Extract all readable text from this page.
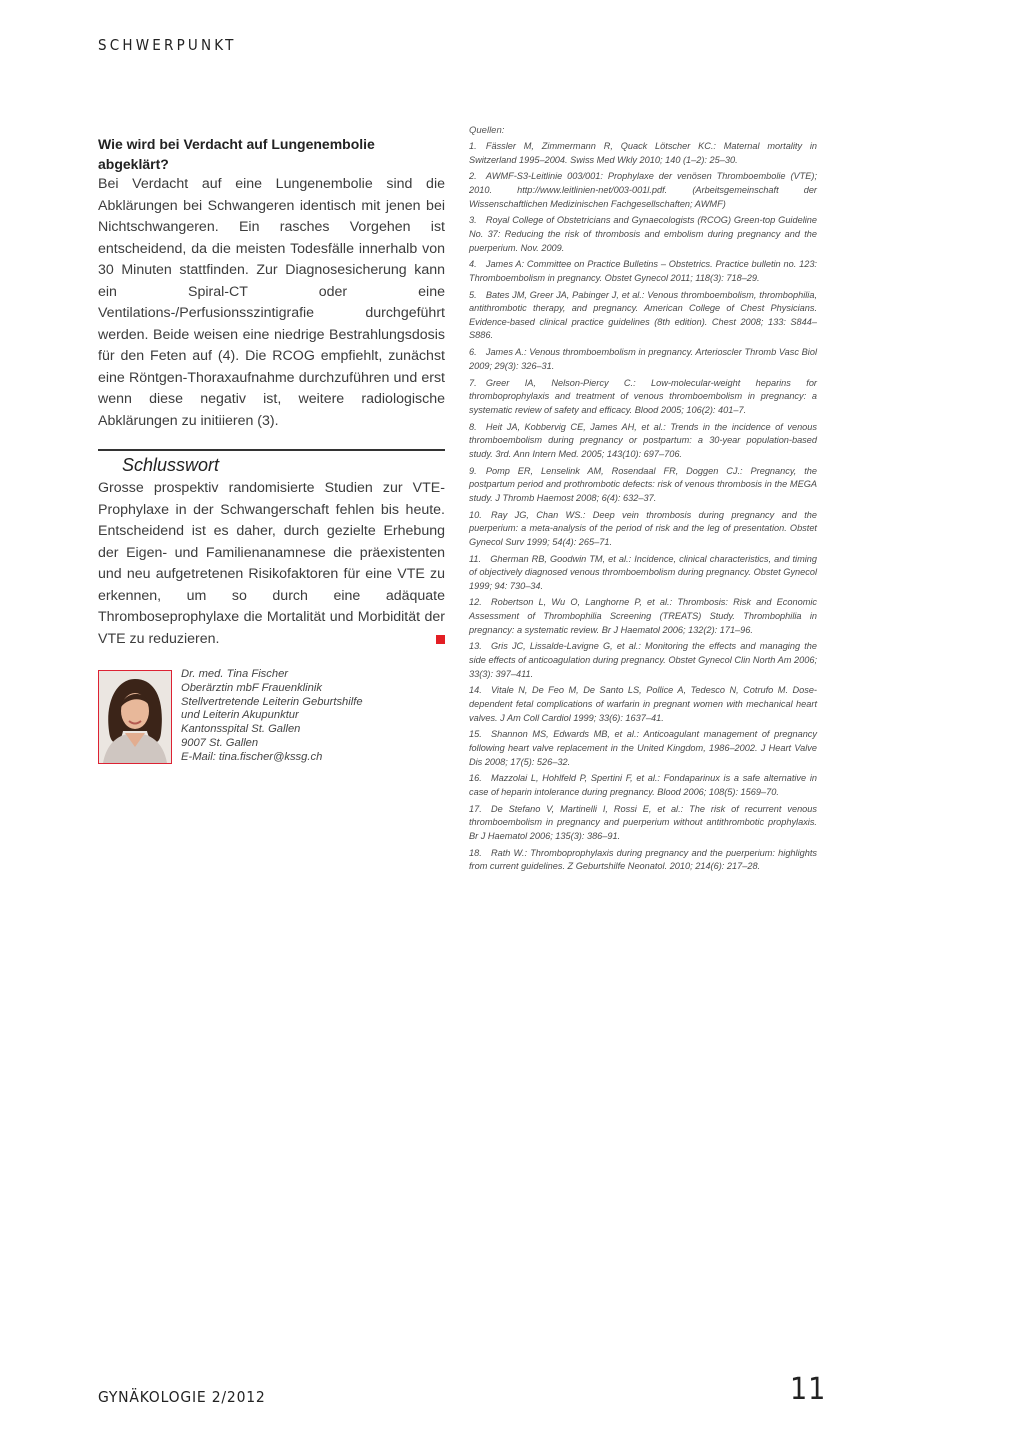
SCHWERPUNKT

Wie wird bei Verdacht auf Lungenembolie abgeklärt?

Bei Verdacht auf eine Lungenembolie sind die Abklärungen bei Schwangeren identisch mit jenen bei Nichtschwangeren. Ein rasches Vorgehen ist entscheidend, da die meisten Todesfälle innerhalb von 30 Minuten stattfinden. Zur Diagnosesicherung kann ein Spiral-CT oder eine Ventilations-/Perfusionsszintigrafie durchgeführt werden. Beide weisen eine niedrige Bestrahlungsdosis für den Feten auf (4). Die RCOG empfiehlt, zunächst eine Röntgen-Thoraxaufnahme durchzuführen und erst wenn diese negativ ist, weitere radiologische Abklärungen zu initiieren (3).

Schlusswort

Grosse prospektiv randomisierte Studien zur VTE-Prophylaxe in der Schwangerschaft fehlen bis heute. Entscheidend ist es daher, durch gezielte Erhebung der Eigen- und Familienanamnese die präexistenten und neu aufgetretenen Risikofaktoren für eine VTE zu erkennen, um so durch eine adäquate Thromboseprophylaxe die Mortalität und Morbidität der VTE zu reduzieren.

Dr. med. Tina Fischer
Oberärztin mbF Frauenklinik
Stellvertretende Leiterin Geburtshilfe
und Leiterin Akupunktur
Kantonsspital St. Gallen
9007 St. Gallen
E-Mail: tina.fischer@kssg.ch

Quellen:

1. Fässler M, Zimmermann R, Quack Lötscher KC.: Maternal mortality in Switzerland 1995–2004. Swiss Med Wkly 2010; 140 (1–2): 25–30.

2. AWMF-S3-Leitlinie 003/001: Prophylaxe der venösen Thromboembolie (VTE); 2010. http://www.leitlinien-net/003-001l.pdf. (Arbeitsgemeinschaft der Wissenschaftlichen Medizinischen Fachgesellschaften; AWMF)

3. Royal College of Obstetricians and Gynaecologists (RCOG) Green-top Guideline No. 37: Reducing the risk of thrombosis and embolism during pregnancy and the puerperium. Nov. 2009.

4. James A: Committee on Practice Bulletins – Obstetrics. Practice bulletin no. 123: Thromboembolism in pregnancy. Obstet Gynecol 2011; 118(3): 718–29.

5. Bates JM, Greer JA, Pabinger J, et al.: Venous thromboembolism, thrombophilia, antithrombotic therapy, and pregnancy. American College of Chest Physicians. Evidence-based clinical practice guidelines (8th edition). Chest 2008; 133: S844–S886.

6. James A.: Venous thromboembolism in pregnancy. Arterioscler Thromb Vasc Biol 2009; 29(3): 326–31.

7. Greer IA, Nelson-Piercy C.: Low-molecular-weight heparins for thromboprophylaxis and treatment of venous thromboembolism in pregnancy: a systematic review of safety and efficacy. Blood 2005; 106(2): 401–7.

8. Heit JA, Kobbervig CE, James AH, et al.: Trends in the incidence of venous thromboembolism during pregnancy or postpartum: a 30-year population-based study. 3rd. Ann Intern Med. 2005; 143(10): 697–706.

9. Pomp ER, Lenselink AM, Rosendaal FR, Doggen CJ.: Pregnancy, the postpartum period and prothrombotic defects: risk of venous thrombosis in the MEGA study. J Thromb Haemost 2008; 6(4): 632–37.

10. Ray JG, Chan WS.: Deep vein thrombosis during pregnancy and the puerperium: a meta-analysis of the period of risk and the leg of presentation. Obstet Gynecol Surv 1999; 54(4): 265–71.

11. Gherman RB, Goodwin TM, et al.: Incidence, clinical characteristics, and timing of objectively diagnosed venous thromboembolism during pregnancy. Obstet Gynecol 1999; 94: 730–34.

12. Robertson L, Wu O, Langhorne P, et al.: Thrombosis: Risk and Economic Assessment of Thrombophilia Screening (TREATS) Study. Thrombophilia in pregnancy: a systematic review. Br J Haematol 2006; 132(2): 171–96.

13. Gris JC, Lissalde-Lavigne G, et al.: Monitoring the effects and managing the side effects of anticoagulation during pregnancy. Obstet Gynecol Clin North Am 2006; 33(3): 397–411.

14. Vitale N, De Feo M, De Santo LS, Pollice A, Tedesco N, Cotrufo M. Dose-dependent fetal complications of warfarin in pregnant women with mechanical heart valves. J Am Coll Cardiol 1999; 33(6): 1637–41.

15. Shannon MS, Edwards MB, et al.: Anticoagulant management of pregnancy following heart valve replacement in the United Kingdom, 1986–2002. J Heart Valve Dis 2008; 17(5): 526–32.

16. Mazzolai L, Hohlfeld P, Spertini F, et al.: Fondaparinux is a safe alternative in case of heparin intolerance during pregnancy. Blood 2006; 108(5): 1569–70.

17. De Stefano V, Martinelli I, Rossi E, et al.: The risk of recurrent venous thromboembolism in pregnancy and puerperium without antithrombotic prophylaxis. Br J Haematol 2006; 135(3): 386–91.

18. Rath W.: Thromboprophylaxis during pregnancy and the puerperium: highlights from current guidelines. Z Geburtshilfe Neonatol. 2010; 214(6): 217–28.

GYNÄKOLOGIE 2/2012	11
